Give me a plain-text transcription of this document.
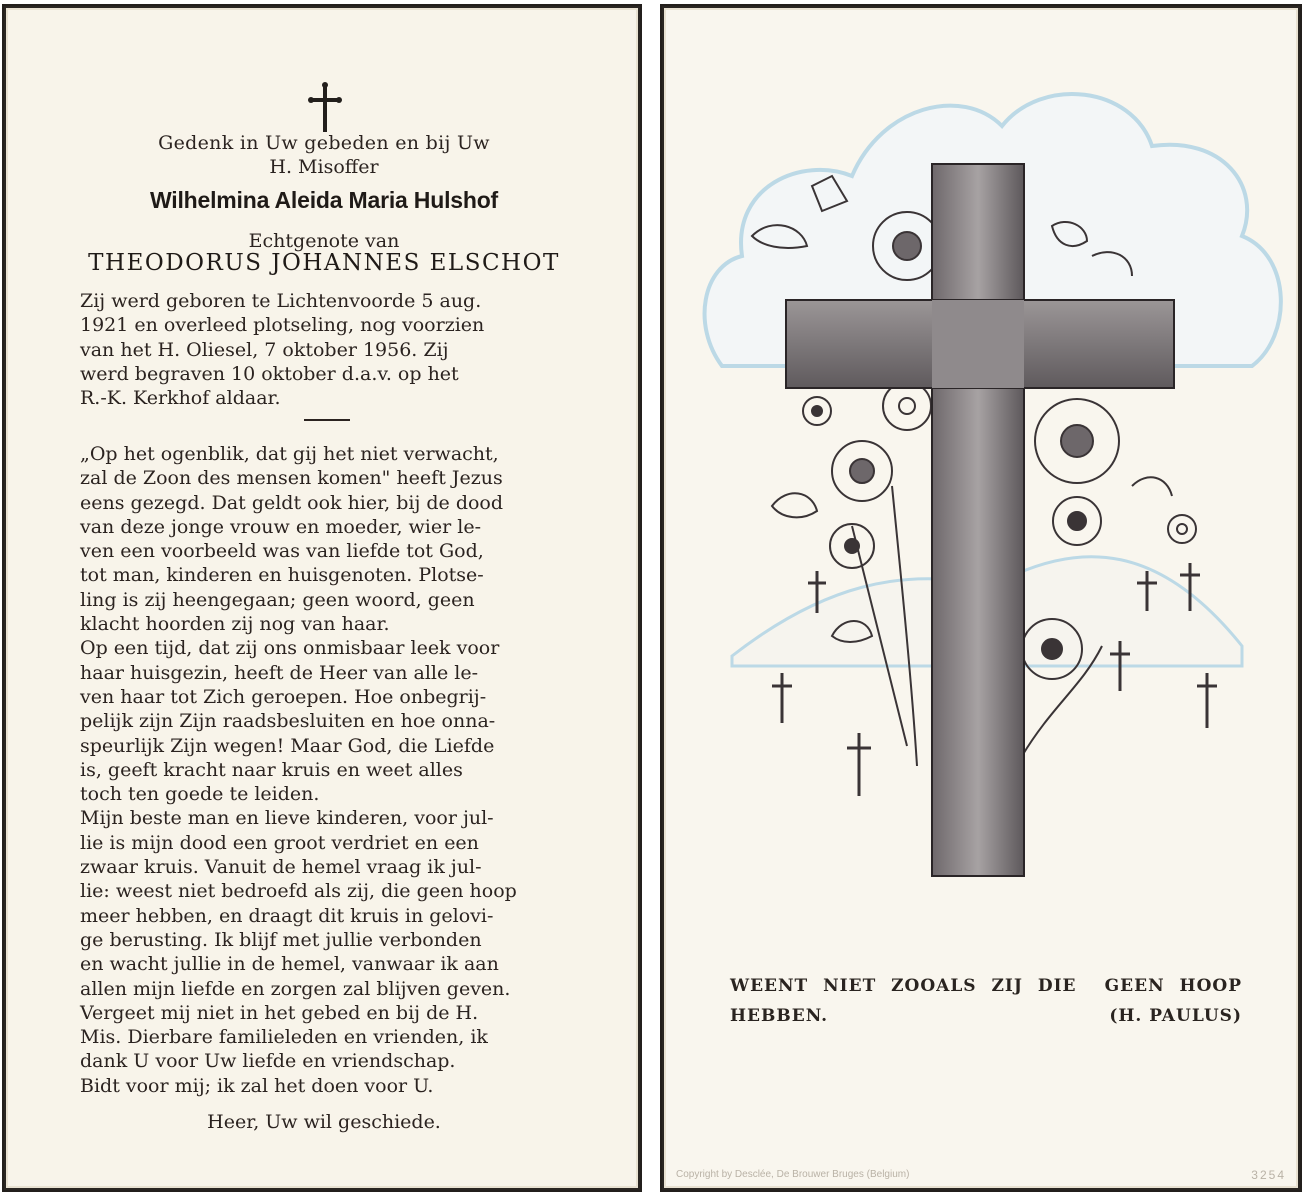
Gedenk in Uw gebeden en bij Uw
H. Misoffer
Wilhelmina Aleida Maria Hulshof
Echtgenote van
THEODORUS JOHANNES ELSCHOT
Zij werd geboren te Lichtenvoorde 5 aug.
1921 en overleed plotseling, nog voorzien
van het H. Oliesel, 7 oktober 1956. Zij
werd begraven 10 oktober d.a.v. op het
R.-K. Kerkhof aldaar.

„Op het ogenblik, dat gij het niet verwacht,
zal de Zoon des mensen komen" heeft Jezus
eens gezegd. Dat geldt ook hier, bij de dood
van deze jonge vrouw en moeder, wier le-
ven een voorbeeld was van liefde tot God,
tot man, kinderen en huisgenoten. Plotse-
ling is zij heengegaan; geen woord, geen
klacht hoorden zij nog van haar.

Op een tijd, dat zij ons onmisbaar leek voor
haar huisgezin, heeft de Heer van alle le-
ven haar tot Zich geroepen. Hoe onbegrij-
pelijk zijn Zijn raadsbesluiten en hoe onna-
speurlijk Zijn wegen! Maar God, die Liefde
is, geeft kracht naar kruis en weet alles
toch ten goede te leiden.

Mijn beste man en lieve kinderen, voor jul-
lie is mijn dood een groot verdriet en een
zwaar kruis. Vanuit de hemel vraag ik jul-
lie: weest niet bedroefd als zij, die geen hoop
meer hebben, en draagt dit kruis in gelovi-
ge berusting. Ik blijf met jullie verbonden
en wacht jullie in de hemel, vanwaar ik aan
allen mijn liefde en zorgen zal blijven geven.
Vergeet mij niet in het gebed en bij de H.
Mis. Dierbare familieleden en vrienden, ik
dank U voor Uw liefde en vriendschap.
Bidt voor mij; ik zal het doen voor U.

Heer, Uw wil geschiede.
WEENT NIET ZOOALS ZIJ DIE GEEN HOOP
HEBBEN.	(H. PAULUS)
Copyright by Desclée, De Brouwer Bruges (Belgium)	3254
